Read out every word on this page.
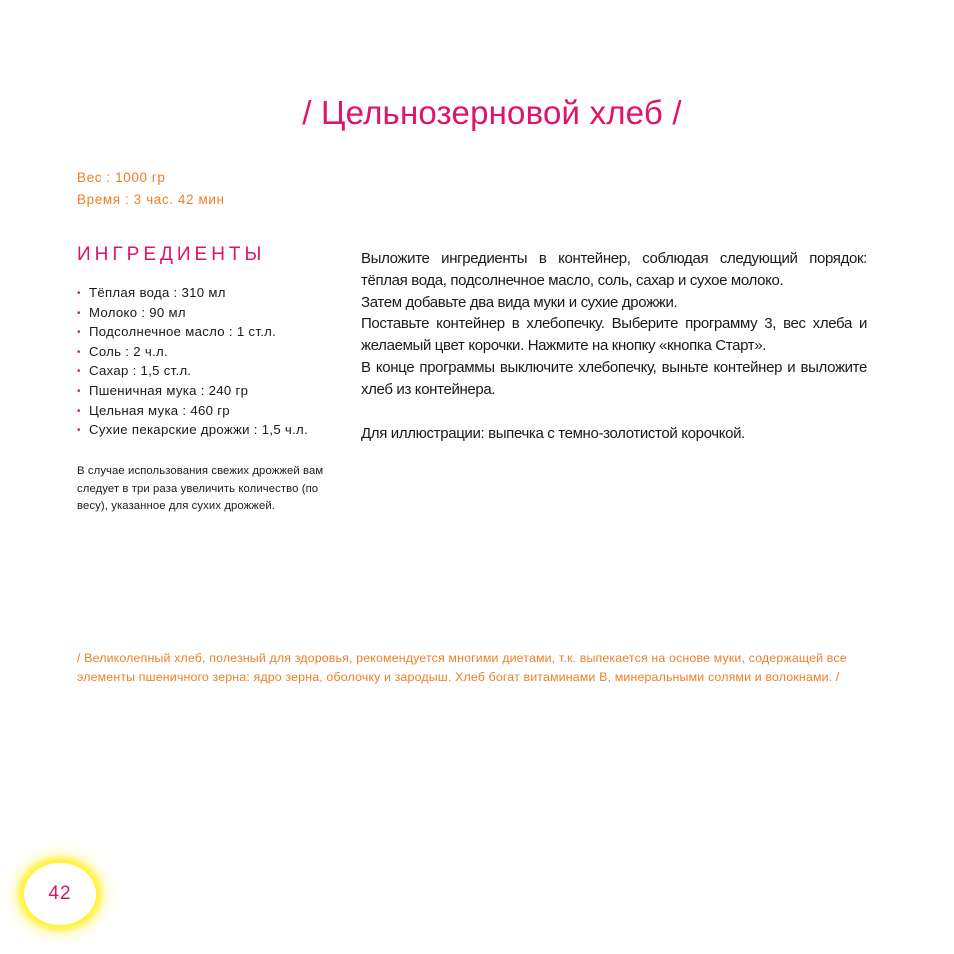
/ Цельнозерновой хлеб /
Вес : 1000 гр
Время : 3 час. 42 мин
ИНГРЕДИЕНТЫ
• Тёплая вода : 310 мл
• Молоко : 90 мл
• Подсолнечное масло : 1 ст.л.
• Соль : 2 ч.л.
• Сахар : 1,5 ст.л.
• Пшеничная мука : 240 гр
• Цельная мука : 460 гр
• Сухие пекарские дрожжи : 1,5 ч.л.
В случае использования свежих дрожжей вам следует в три раза увеличить количество (по весу), указанное для сухих дрожжей.

Выложите ингредиенты в контейнер, соблюдая следующий порядок: тёплая вода, подсолнечное масло, соль, сахар и сухое молоко.

Затем добавьте два вида муки и сухие дрожжи.

Поставьте контейнер в хлебопечку. Выберите программу 3, вес хлеба и желаемый цвет корочки. Нажмите на кнопку «кнопка Старт».

В конце программы выключите хлебопечку, выньте контейнер и выложите хлеб из контейнера.

Для иллюстрации: выпечка с темно-золотистой корочкой.

/ Великолепный хлеб, полезный для здоровья, рекомендуется многими диетами, т.к. выпекается на основе муки, содержащей все элементы пшеничного зерна: ядро зерна, оболочку и зародыш. Хлеб богат витаминами B, минеральными солями и волокнами. /
42
